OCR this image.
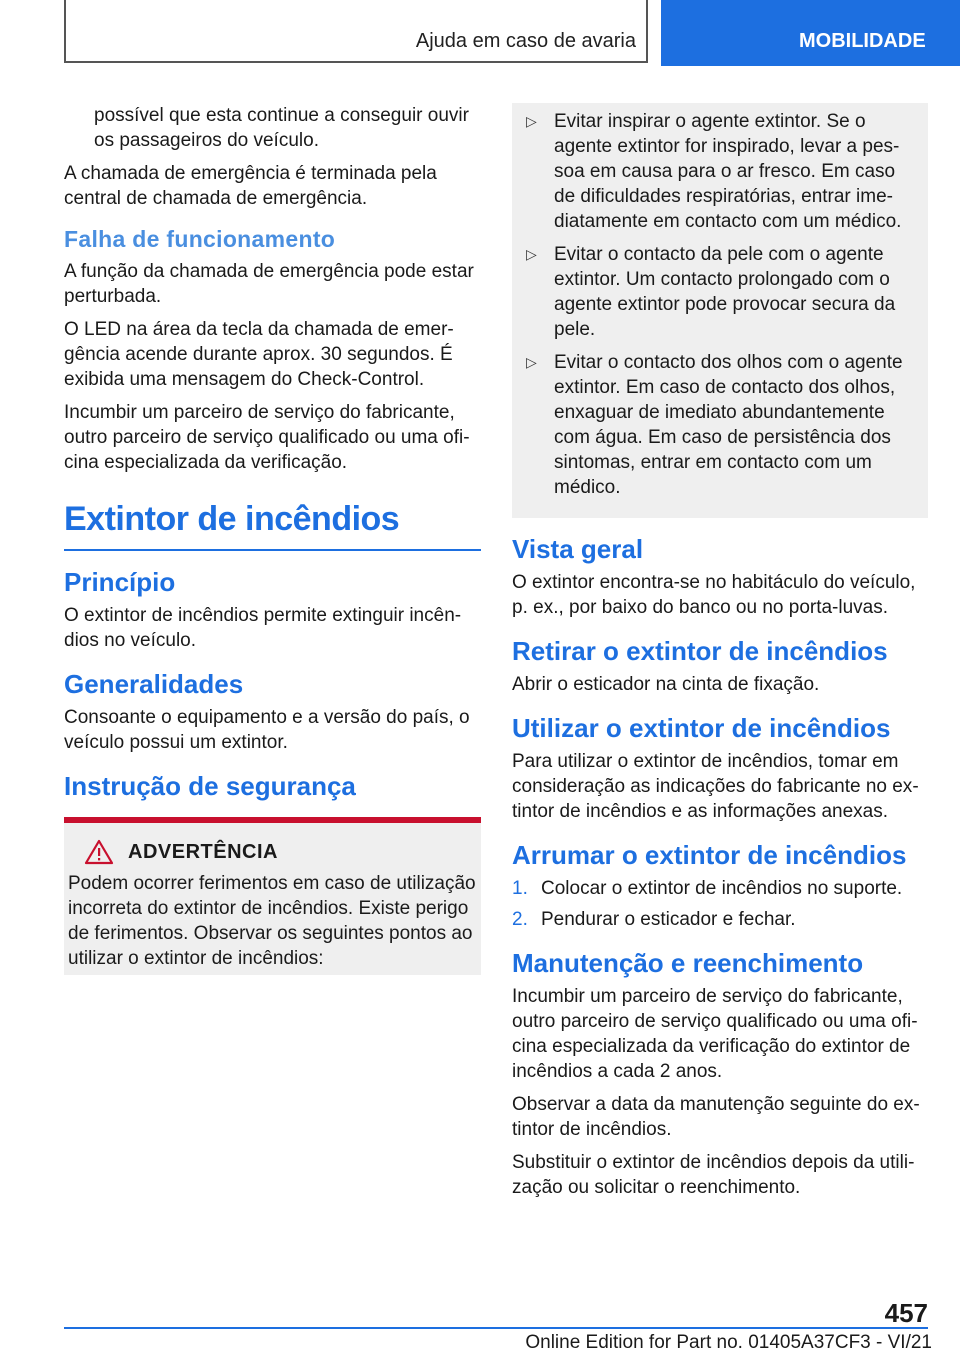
Ajuda em caso de avaria	MOBILIDADE

possível que esta continue a conseguir ouvir os passageiros do veículo.

A chamada de emergência é terminada pela central de chamada de emergência.

Falha de funcionamento

A função da chamada de emergência pode estar perturbada.

O LED na área da tecla da chamada de emergência acende durante aprox. 30 segundos. É exibida uma mensagem do Check-Control.

Incumbir um parceiro de serviço do fabricante, outro parceiro de serviço qualificado ou uma oficina especializada da verificação.

Extintor de incêndios
Princípio

O extintor de incêndios permite extinguir incêndios no veículo.

Generalidades

Consoante o equipamento e a versão do país, o veículo possui um extintor.

Instrução de segurança
ADVERTÊNCIA

Podem ocorrer ferimentos em caso de utilização incorreta do extintor de incêndios. Existe perigo de ferimentos. Observar os seguintes pontos ao utilizar o extintor de incêndios:

▷ Evitar inspirar o agente extintor. Se o agente extintor for inspirado, levar a pessoa em causa para o ar fresco. Em caso de dificuldades respiratórias, entrar imediatamente em contacto com um médico.

▷ Evitar o contacto da pele com o agente extintor. Um contacto prolongado com o agente extintor pode provocar secura da pele.

▷ Evitar o contacto dos olhos com o agente extintor. Em caso de contacto dos olhos, enxaguar de imediato abundantemente com água. Em caso de persistência dos sintomas, entrar em contacto com um médico.

Vista geral

O extintor encontra-se no habitáculo do veículo, p. ex., por baixo do banco ou no porta-luvas.

Retirar o extintor de incêndios

Abrir o esticador na cinta de fixação.

Utilizar o extintor de incêndios

Para utilizar o extintor de incêndios, tomar em consideração as indicações do fabricante no extintor de incêndios e as informações anexas.

Arrumar o extintor de incêndios
1. Colocar o extintor de incêndios no suporte.
2. Pendurar o esticador e fechar.
Manutenção e reenchimento

Incumbir um parceiro de serviço do fabricante, outro parceiro de serviço qualificado ou uma oficina especializada da verificação do extintor de incêndios a cada 2 anos.

Observar a data da manutenção seguinte do extintor de incêndios.

Substituir o extintor de incêndios depois da utilização ou solicitar o reenchimento.

457
Online Edition for Part no. 01405A37CF3 - VI/21
